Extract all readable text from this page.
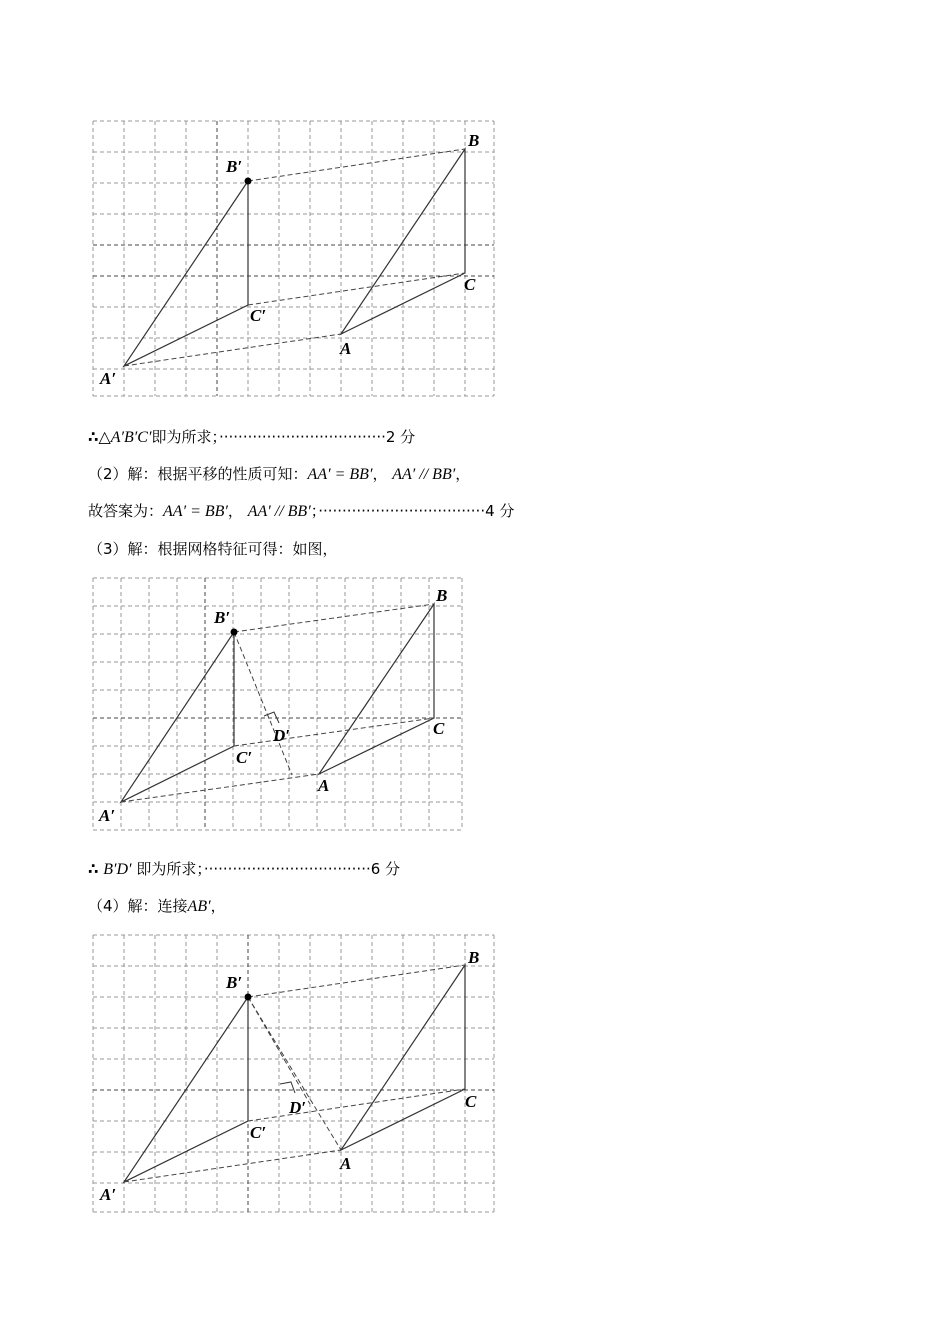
B
C
A
B′
C′
A′
∴△A′B′C′即为所求；···································2 分
（2）解：根据平移的性质可知：AA′ = BB′， AA′ // BB′，
故答案为：AA′ = BB′， AA′ // BB′；···································4 分
（3）解：根据网格特征可得：如图，
B
C
A
B′
C′
D′
A′
∴ B′D′ 即为所求；···································6 分
（4）解：连接AB′，
B
C
A
B′
C′
D′
A′
